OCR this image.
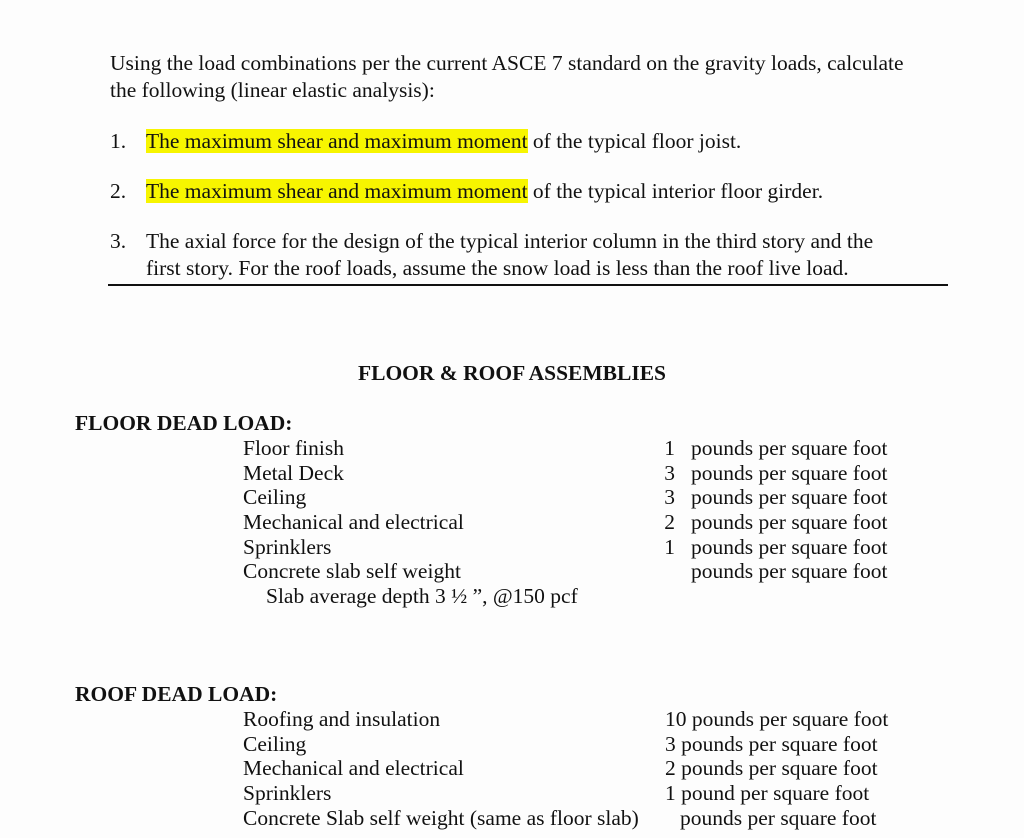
Using the load combinations per the current ASCE 7 standard on the gravity loads, calculate the following (linear elastic analysis):
1. The maximum shear and maximum moment of the typical floor joist.
2. The maximum shear and maximum moment of the typical interior floor girder.
3. The axial force for the design of the typical interior column in the third story and the
first story. For the roof loads, assume the snow load is less than the roof live load.
FLOOR & ROOF ASSEMBLIES
FLOOR DEAD LOAD:
Floor finish	1 pounds per square foot
Metal Deck	3 pounds per square foot
Ceiling	3 pounds per square foot
Mechanical and electrical	2 pounds per square foot
Sprinklers	1 pounds per square foot
Concrete slab self weight	pounds per square foot
Slab average depth 3 ½ ”, @150 pcf
ROOF DEAD LOAD:
Roofing and insulation	10 pounds per square foot
Ceiling	3 pounds per square foot
Mechanical and electrical	2 pounds per square foot
Sprinklers	1 pound per square foot
Concrete Slab self weight (same as floor slab) pounds per square foot
